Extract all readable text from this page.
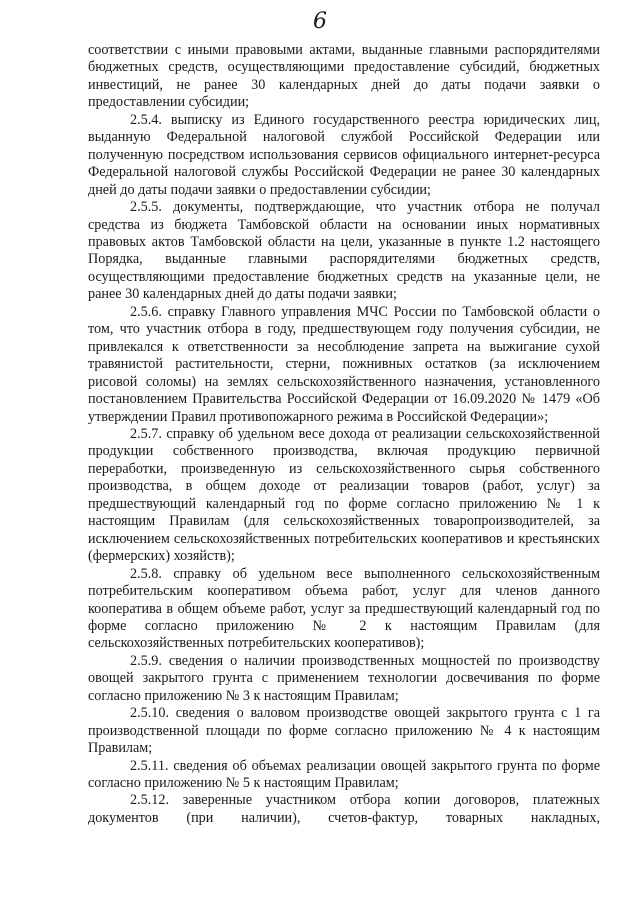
6

соответствии с иными правовыми актами, выданные главными распорядителями бюджетных средств, осуществляющими предоставление субсидий, бюджетных инвестиций, не ранее 30 календарных дней до даты подачи заявки о предоставлении субсидии;

2.5.4. выписку из Единого государственного реестра юридических лиц, выданную Федеральной налоговой службой Российской Федерации или полученную посредством использования сервисов официального интернет-ресурса Федеральной налоговой службы Российской Федерации не ранее 30 календарных дней до даты подачи заявки о предоставлении субсидии;

2.5.5. документы, подтверждающие, что участник отбора не получал средства из бюджета Тамбовской области на основании иных нормативных правовых актов Тамбовской области на цели, указанные в пункте 1.2 настоящего Порядка, выданные главными распорядителями бюджетных средств, осуществляющими предоставление бюджетных средств на указанные цели, не ранее 30 календарных дней до даты подачи заявки;

2.5.6. справку Главного управления МЧС России по Тамбовской области о том, что участник отбора в году, предшествующем году получения субсидии, не привлекался к ответственности за несоблюдение запрета на выжигание сухой травянистой растительности, стерни, пожнивных остатков (за исключением рисовой соломы) на землях сельскохозяйственного назначения, установленного постановлением Правительства Российской Федерации от 16.09.2020 № 1479 «Об утверждении Правил противопожарного режима в Российской Федерации»;

2.5.7. справку об удельном весе дохода от реализации сельскохозяйственной продукции собственного производства, включая продукцию первичной переработки, произведенную из сельскохозяйственного сырья собственного производства, в общем доходе от реализации товаров (работ, услуг) за предшествующий календарный год по форме согласно приложению № 1 к настоящим Правилам (для сельскохозяйственных товаропроизводителей, за исключением сельскохозяйственных потребительских кооперативов и крестьянских (фермерских) хозяйств);

2.5.8. справку об удельном весе выполненного сельскохозяйственным потребительским кооперативом объема работ, услуг для членов данного кооператива в общем объеме работ, услуг за предшествующий календарный год по форме согласно приложению № 2 к настоящим Правилам (для сельскохозяйственных потребительских кооперативов);

2.5.9. сведения о наличии производственных мощностей по производству овощей закрытого грунта с применением технологии досвечивания по форме согласно приложению № 3 к настоящим Правилам;

2.5.10. сведения о валовом производстве овощей закрытого грунта с 1 га производственной площади по форме согласно приложению № 4 к настоящим Правилам;

2.5.11. сведения об объемах реализации овощей закрытого грунта по форме согласно приложению № 5 к настоящим Правилам;

2.5.12. заверенные участником отбора копии договоров, платежных документов (при наличии), счетов-фактур, товарных накладных,
